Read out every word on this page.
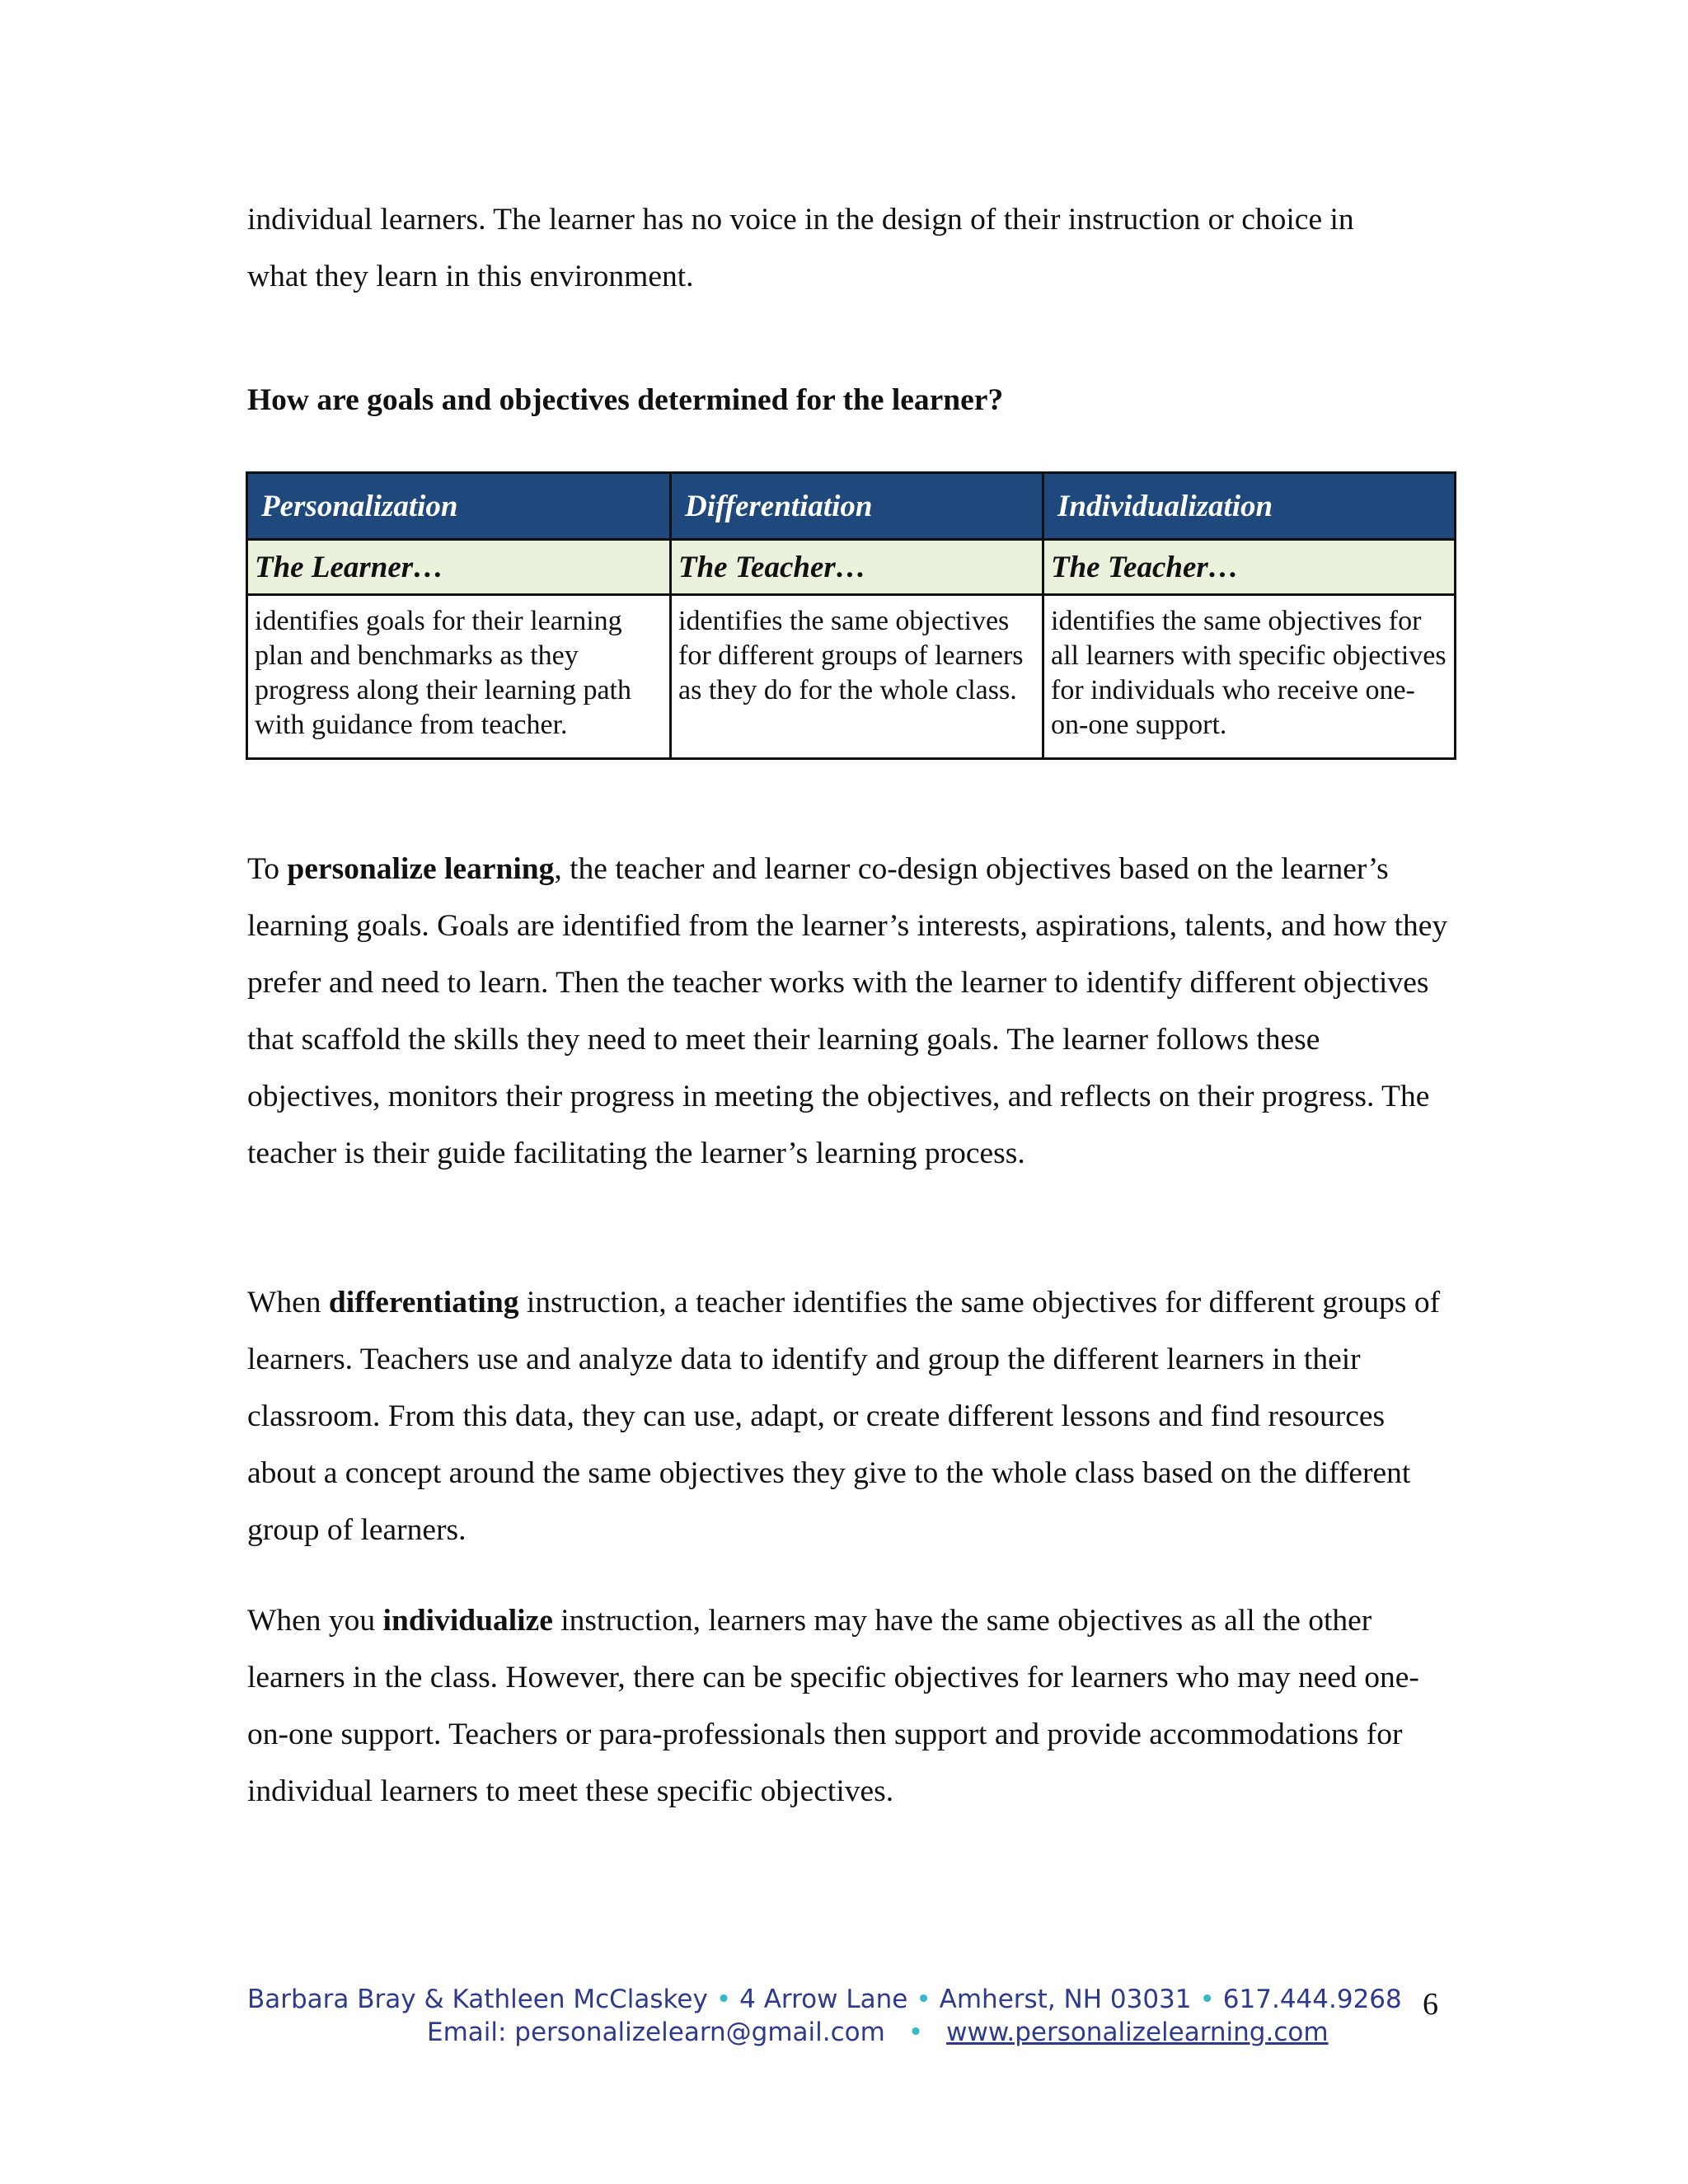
individual learners. The learner has no voice in the design of their instruction or choice in
what they learn in this environment.

How are goals and objectives determined for the learner?

Personalization	Differentiation	Individualization
The Learner…	The Teacher…	The Teacher…
identifies goals for their learning plan and benchmarks as they progress along their learning path with guidance from teacher.	identifies the same objectives for different groups of learners as they do for the whole class.	identifies the same objectives for all learners with specific objectives for individuals who receive one-on-one support.

To personalize learning, the teacher and learner co-design objectives based on the learner’s learning goals. Goals are identified from the learner’s interests, aspirations, talents, and how they prefer and need to learn. Then the teacher works with the learner to identify different objectives that scaffold the skills they need to meet their learning goals. The learner follows these objectives, monitors their progress in meeting the objectives, and reflects on their progress. The teacher is their guide facilitating the learner’s learning process.

When differentiating instruction, a teacher identifies the same objectives for different groups of learners. Teachers use and analyze data to identify and group the different learners in their classroom. From this data, they can use, adapt, or create different lessons and find resources about a concept around the same objectives they give to the whole class based on the different group of learners.

When you individualize instruction, learners may have the same objectives as all the other learners in the class. However, there can be specific objectives for learners who may need one-on-one support. Teachers or para-professionals then support and provide accommodations for individual learners to meet these specific objectives.

Barbara Bray & Kathleen McClaskey • 4 Arrow Lane • Amherst, NH 03031 • 617.444.9268
Email: personalizelearn@gmail.com • www.personalizelearning.com
6
